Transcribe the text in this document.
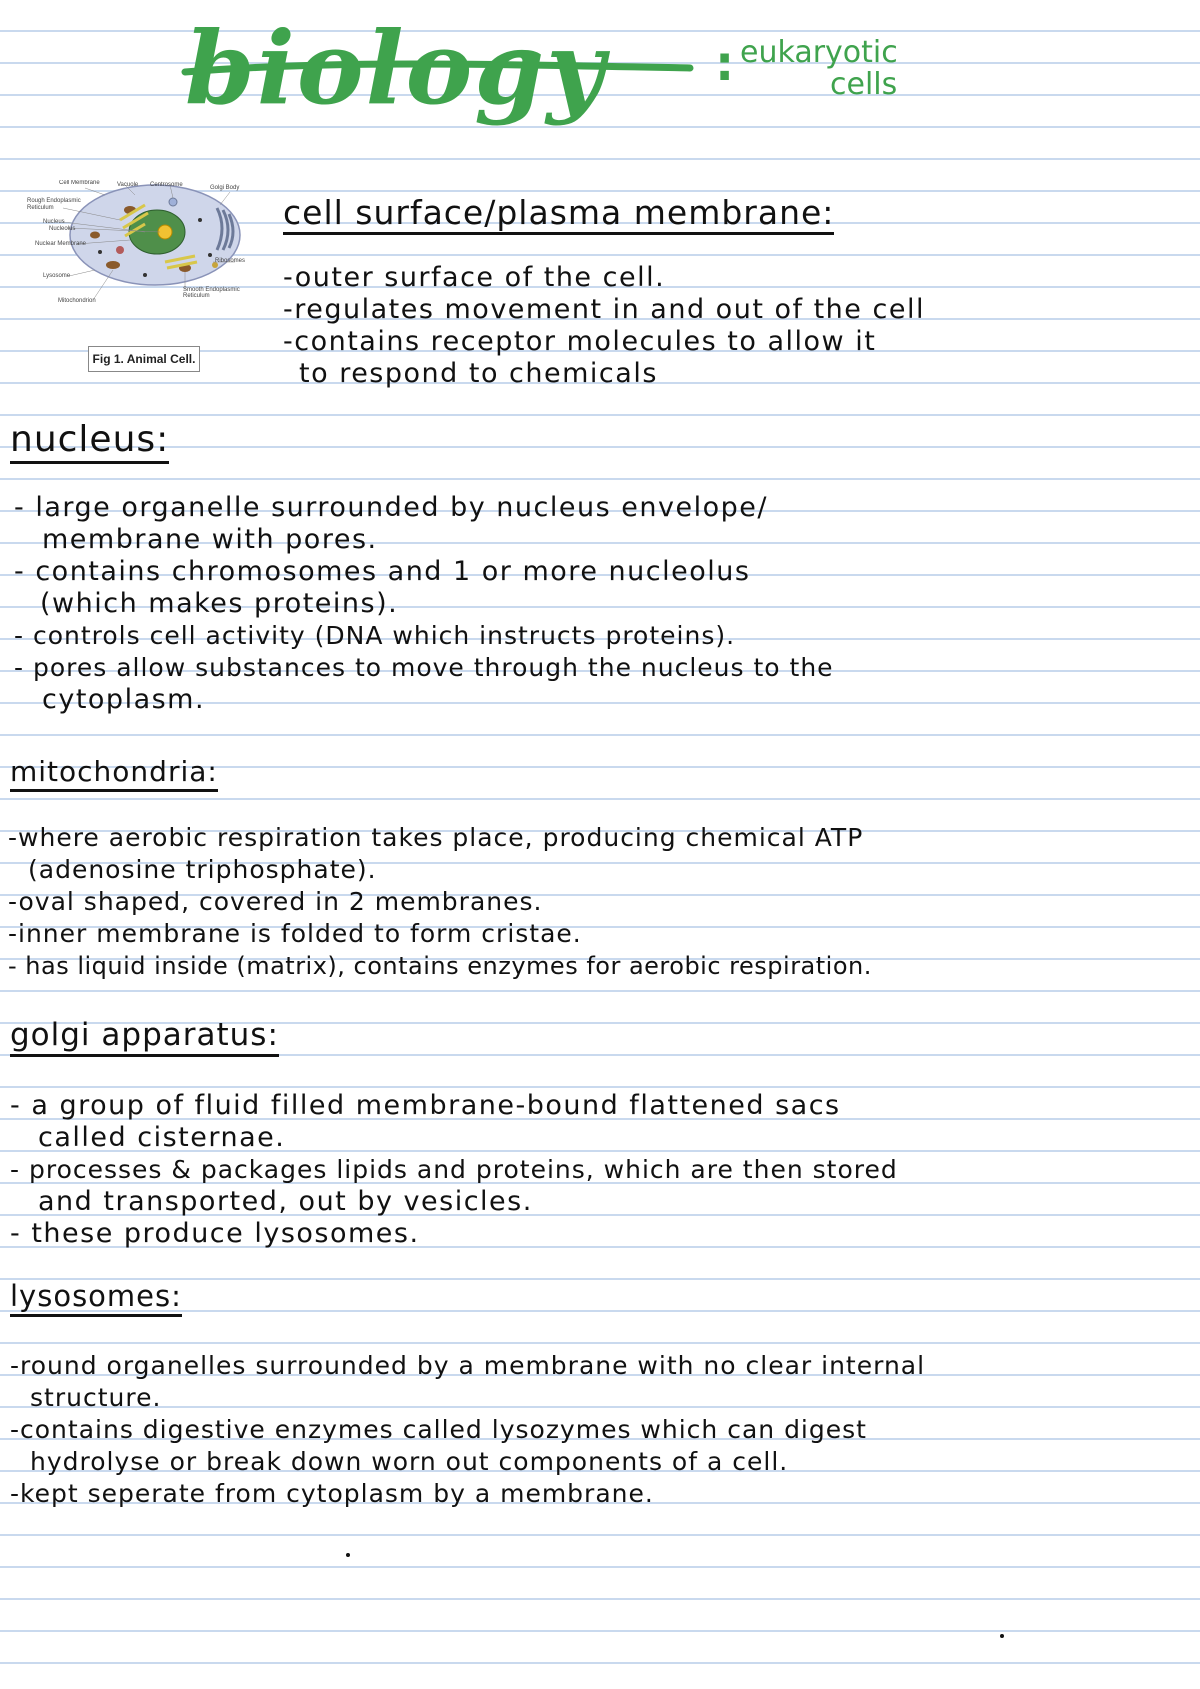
biology : eukaryotic
cells
Cell Membrane	Vacuole Centrosome	Golgi Body
Rough Endoplasmic
Reticulum
Nucleus
Nucleolus
Nuclear Membrane
Ribosomes
Lysosome
Smooth Endoplasmic
Reticulum
Mitochondrion
Fig 1. Animal Cell.
cell surface/plasma membrane:
-outer surface of the cell.
-regulates movement in and out of the cell
-contains receptor molecules to allow it
to respond to chemicals
nucleus:
- large organelle surrounded by nucleus envelope/
membrane with pores.
- contains chromosomes and 1 or more nucleolus
(which makes proteins).
- controls cell activity (DNA which instructs proteins).
- pores allow substances to move through the nucleus to the
cytoplasm.
mitochondria:
-where aerobic respiration takes place, producing chemical ATP
(adenosine triphosphate).
-oval shaped, covered in 2 membranes.
-inner membrane is folded to form cristae.
- has liquid inside (matrix), contains enzymes for aerobic respiration.
golgi apparatus:
- a group of fluid filled membrane-bound flattened sacs
called cisternae.
- processes & packages lipids and proteins, which are then stored
and transported, out by vesicles.
- these produce lysosomes.
lysosomes:
-round organelles surrounded by a membrane with no clear internal
structure.
-contains digestive enzymes called lysozymes which can digest
hydrolyse or break down worn out components of a cell.
-kept seperate from cytoplasm by a membrane.
